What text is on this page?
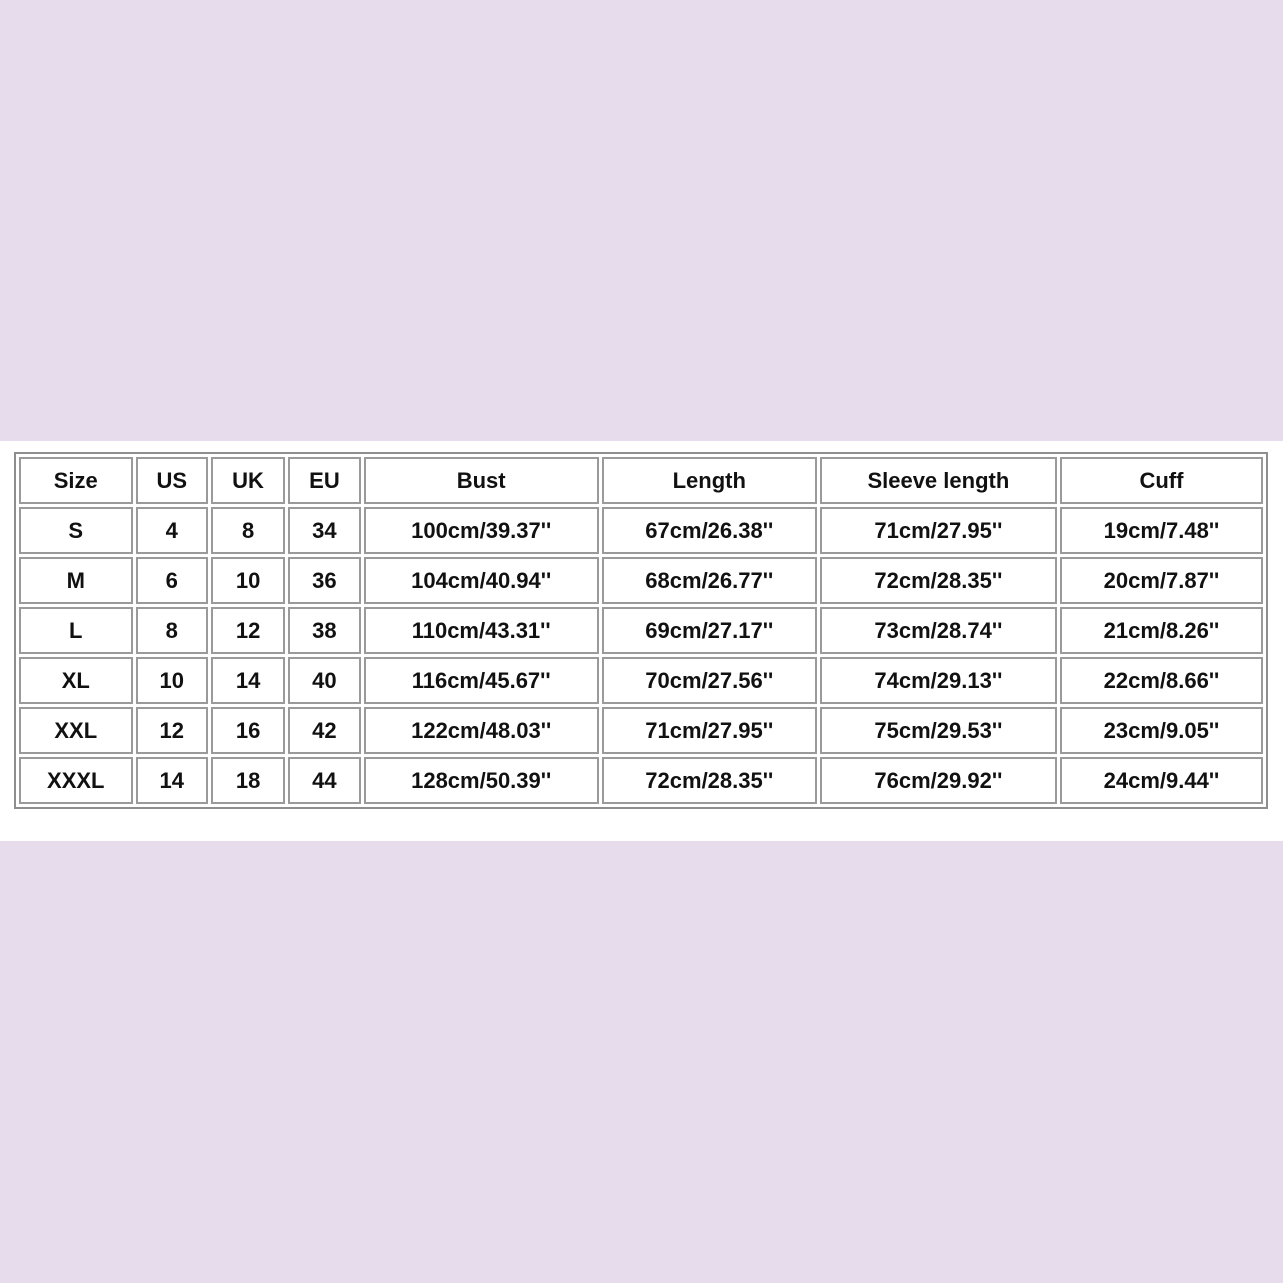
Size	US	UK	EU	Bust	Length	Sleeve length	Cuff
S	4	8	34	100cm/39.37''	67cm/26.38''	71cm/27.95''	19cm/7.48''
M	6	10	36	104cm/40.94''	68cm/26.77''	72cm/28.35''	20cm/7.87''
L	8	12	38	110cm/43.31''	69cm/27.17''	73cm/28.74''	21cm/8.26''
XL	10	14	40	116cm/45.67''	70cm/27.56''	74cm/29.13''	22cm/8.66''
XXL	12	16	42	122cm/48.03''	71cm/27.95''	75cm/29.53''	23cm/9.05''
XXXL	14	18	44	128cm/50.39''	72cm/28.35''	76cm/29.92''	24cm/9.44''
